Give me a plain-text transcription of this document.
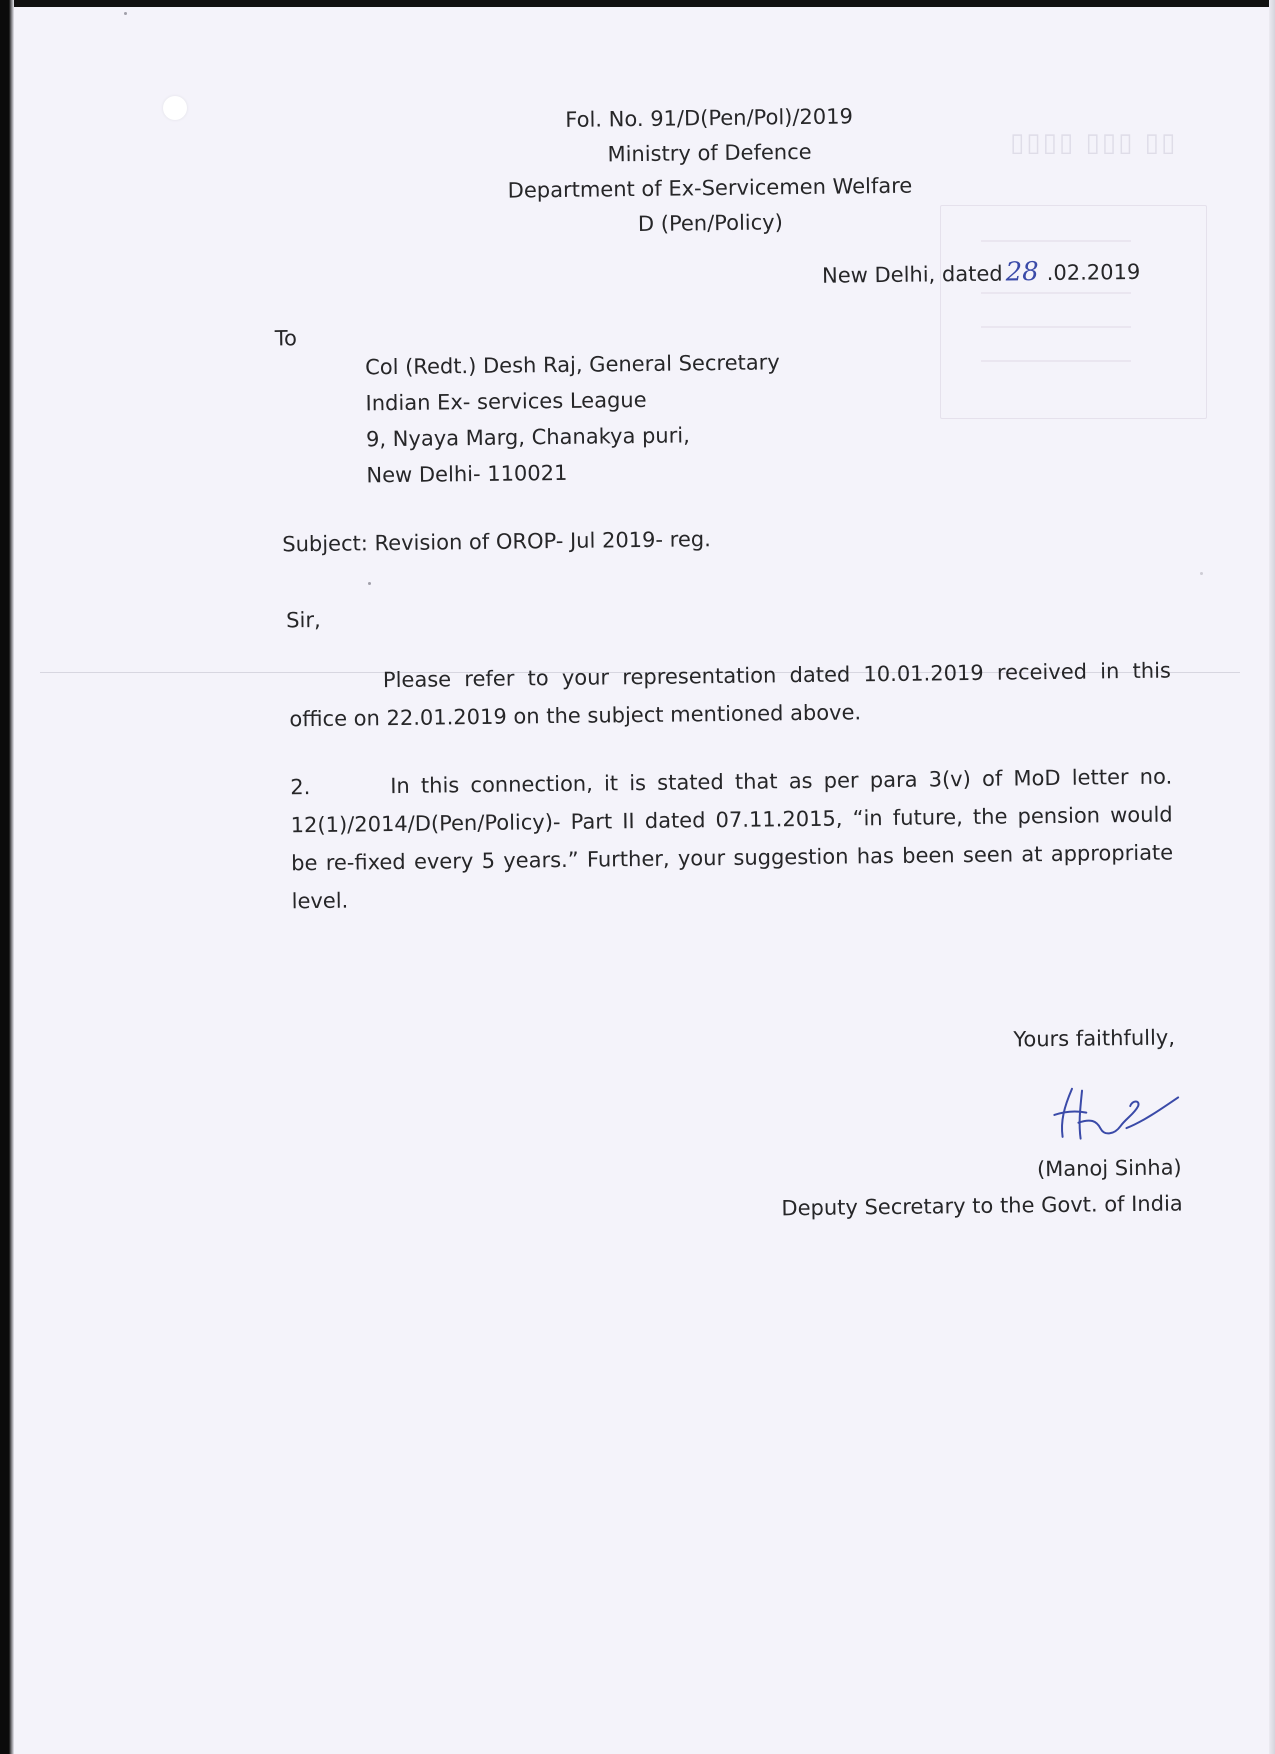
▯▯▯▯ ▯▯▯ ▯▯
Fol. No. 91/D(Pen/Pol)/2019
Ministry of Defence
Department of Ex-Servicemen Welfare
D (Pen/Policy)
New Delhi, dated 28 .02.2019
To
Col (Redt.) Desh Raj, General Secretary
Indian Ex- services League
9, Nyaya Marg, Chanakya puri,
New Delhi- 110021
Subject: Revision of OROP- Jul 2019- reg.
Sir,

Please refer to your representation dated 10.01.2019 received in this office on 22.01.2019 on the subject mentioned above.

2.	In this connection, it is stated that as per para 3(v) of MoD letter no. 12(1)/2014/D(Pen/Policy)- Part II dated 07.11.2015, “in future, the pension would be re-fixed every 5 years.” Further, your suggestion has been seen at appropriate level.

Yours faithfully,
(Manoj Sinha)
Deputy Secretary to the Govt. of India
